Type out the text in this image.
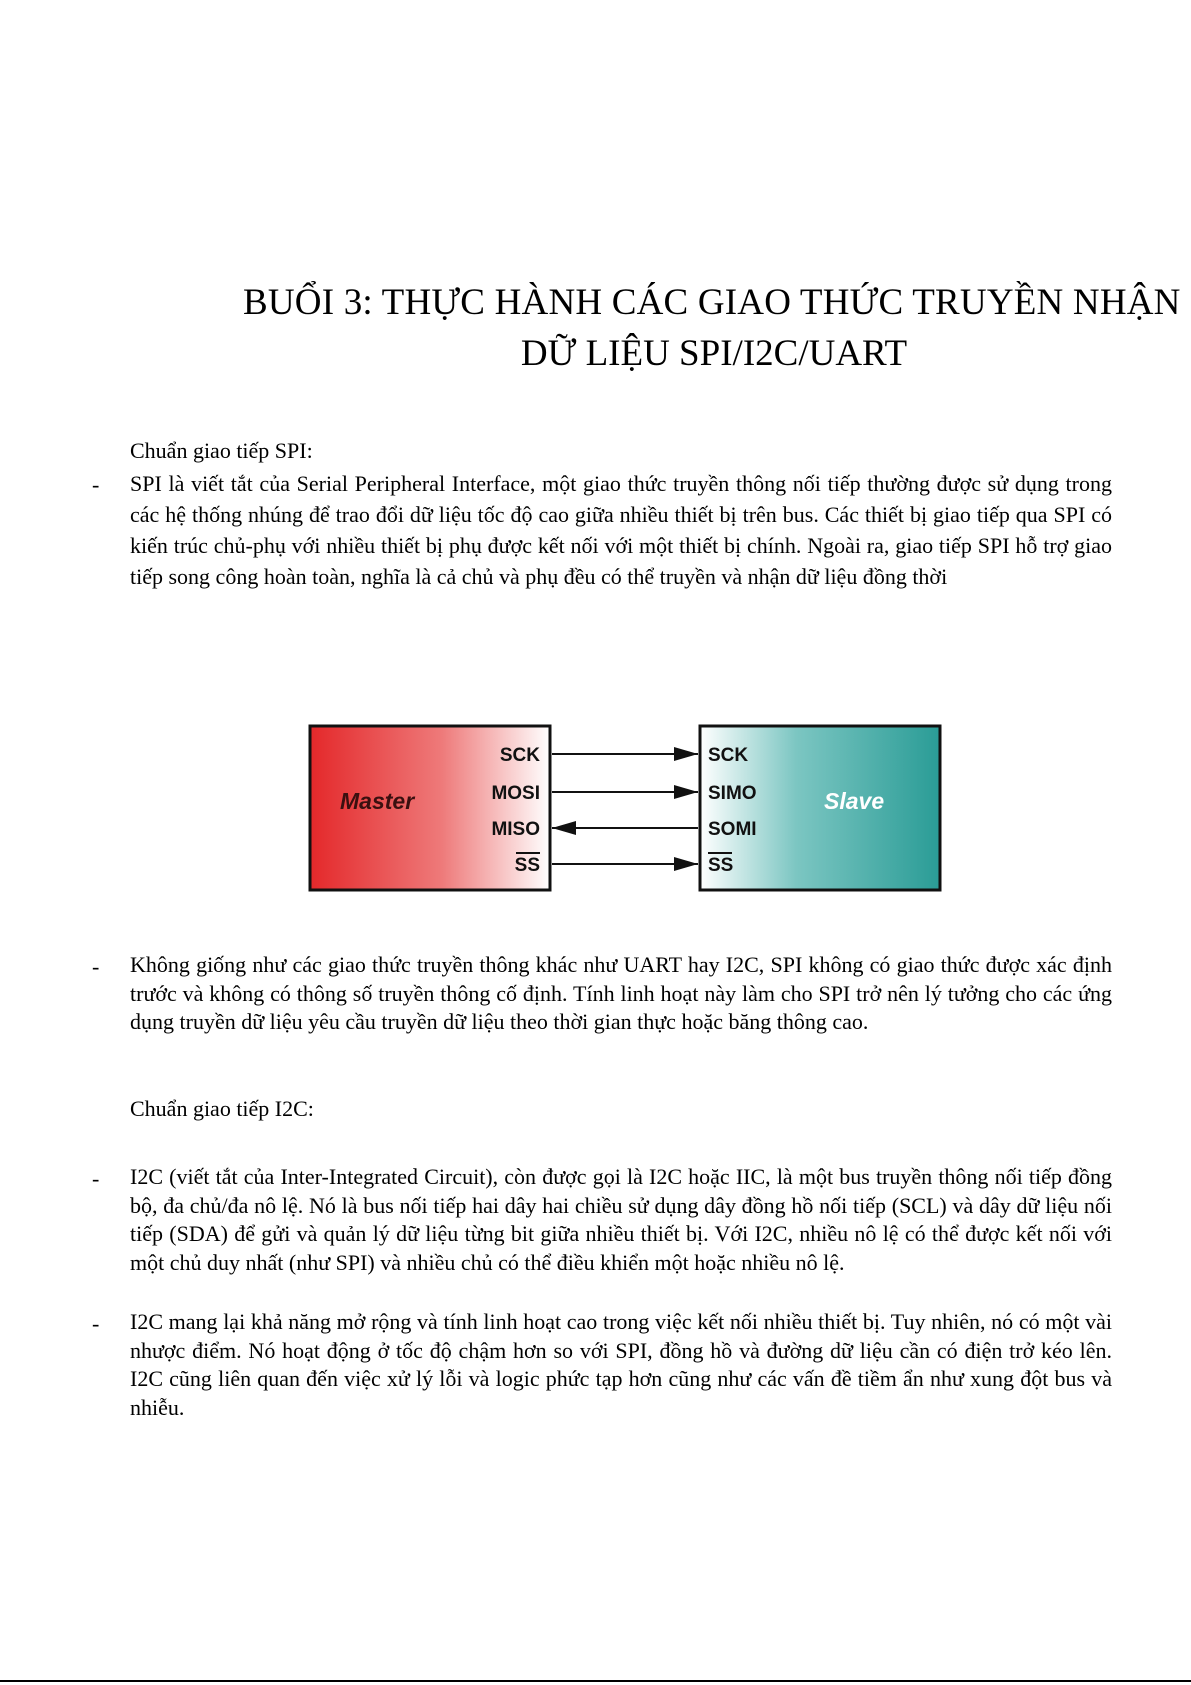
BUỔI 3: THỰC HÀNH CÁC GIAO THỨC TRUYỀN NHẬN
DỮ LIỆU SPI/I2C/UART
Chuẩn giao tiếp SPI:
- SPI là viết tắt của Serial Peripheral Interface, một giao thức truyền thông nối tiếp thường được sử dụng trong các hệ thống nhúng để trao đổi dữ liệu tốc độ cao giữa nhiều thiết bị trên bus. Các thiết bị giao tiếp qua SPI có kiến trúc chủ-phụ với nhiều thiết bị phụ được kết nối với một thiết bị chính. Ngoài ra, giao tiếp SPI hỗ trợ giao tiếp song công hoàn toàn, nghĩa là cả chủ và phụ đều có thể truyền và nhận dữ liệu đồng thời
Master	Slave
SCK	SCK
MOSI	SIMO
MISO	SOMI
SS	SS
- Không giống như các giao thức truyền thông khác như UART hay I2C, SPI không có giao thức được xác định trước và không có thông số truyền thông cố định. Tính linh hoạt này làm cho SPI trở nên lý tưởng cho các ứng dụng truyền dữ liệu yêu cầu truyền dữ liệu theo thời gian thực hoặc băng thông cao.
Chuẩn giao tiếp I2C:
- I2C (viết tắt của Inter-Integrated Circuit), còn được gọi là I2C hoặc IIC, là một bus truyền thông nối tiếp đồng bộ, đa chủ/đa nô lệ. Nó là bus nối tiếp hai dây hai chiều sử dụng dây đồng hồ nối tiếp (SCL) và dây dữ liệu nối tiếp (SDA) để gửi và quản lý dữ liệu từng bit giữa nhiều thiết bị. Với I2C, nhiều nô lệ có thể được kết nối với một chủ duy nhất (như SPI) và nhiều chủ có thể điều khiển một hoặc nhiều nô lệ.
- I2C mang lại khả năng mở rộng và tính linh hoạt cao trong việc kết nối nhiều thiết bị. Tuy nhiên, nó có một vài nhược điểm. Nó hoạt động ở tốc độ chậm hơn so với SPI, đồng hồ và đường dữ liệu cần có điện trở kéo lên. I2C cũng liên quan đến việc xử lý lỗi và logic phức tạp hơn cũng như các vấn đề tiềm ẩn như xung đột bus và nhiễu.
